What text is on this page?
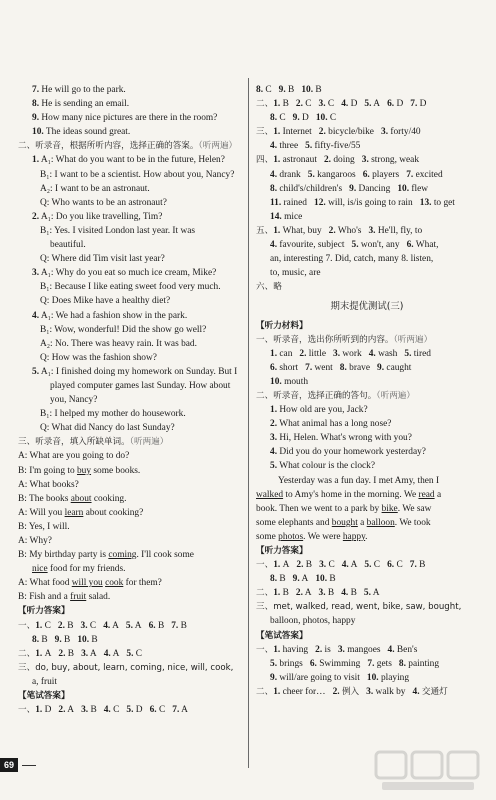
7. He will go to the park.
8. He is sending an email.
9. How many nice pictures are there in the room?
10. The ideas sound great.
二、听录音，根据所听内容，选择正确的答案。（听两遍）
1. A₁: What do you want to be in the future, Helen?
B₁: I want to be a scientist. How about you, Nancy?
A₂: I want to be an astronaut.
Q: Who wants to be an astronaut?
2. A₁: Do you like travelling, Tim?
B₁: Yes. I visited London last year. It was
beautiful.
Q: Where did Tim visit last year?
3. A₁: Why do you eat so much ice cream, Mike?
B₁: Because I like eating sweet food very much.
Q: Does Mike have a healthy diet?
4. A₁: We had a fashion show in the park.
B₁: Wow, wonderful! Did the show go well?
A₂: No. There was heavy rain. It was bad.
Q: How was the fashion show?
5. A₁: I finished doing my homework on Sunday. But I
played computer games last Sunday. How about
you, Nancy?
B₁: I helped my mother do housework.
Q: What did Nancy do last Sunday?
三、听录音，填入所缺单词。（听两遍）
A: What are you going to do?
B: I'm going to buy some books.
A: What books?
B: The books about cooking.
A: Will you learn about cooking?
B: Yes, I will.
A: Why?
B: My birthday party is coming. I'll cook some
nice food for my friends.
A: What food will you cook for them?
B: Fish and a fruit salad.
【听力答案】
一、1. C  2. B  3. C  4. A  5. A  6. B  7. B
8. B  9. B  10. B
二、1. A  2. B  3. A  4. A  5. C
三、do, buy, about, learn, coming, nice, will, cook,
a, fruit
【笔试答案】
一、1. D  2. A  3. B  4. C  5. D  6. C  7. A
8. C  9. B  10. B
二、1. B  2. C  3. C  4. D  5. A  6. D  7. D
8. C  9. D  10. C
三、1. Internet  2. bicycle/bike  3. forty/40
4. three  5. fifty-five/55
四、1. astronaut  2. doing  3. strong, weak
4. drank  5. kangaroos  6. players  7. excited
8. child's/children's  9. Dancing  10. flew
11. rained  12. will, is/is going to rain  13. to get
14. mice
五、1. What, buy  2. Who's  3. He'll, fly, to
4. favourite, subject  5. won't, any  6. What,
an, interesting 7. Did, catch, many 8. listen,
to, music, are
六、略
期末提优测试(三)
【听力材料】
一、听录音，选出你所听到的内容。（听两遍）
1. can  2. little  3. work  4. wash  5. tired
6. short  7. went  8. brave  9. caught
10. mouth
二、听录音，选择正确的答句。（听两遍）
1. How old are you, Jack?
2. What animal has a long nose?
3. Hi, Helen. What's wrong with you?
4. Did you do your homework yesterday?
5. What colour is the clock?
Yesterday was a fun day. I met Amy, then I
walked to Amy's home in the morning. We read a
book. Then we went to a park by bike. We saw
some elephants and bought a balloon. We took
some photos. We were happy.
【听力答案】
一、1. A  2. B  3. C  4. A  5. C  6. C  7. B
8. B  9. A  10. B
二、1. B  2. A  3. B  4. B  5. A
三、met, walked, read, went, bike, saw, bought,
balloon, photos, happy
【笔试答案】
一、1. having  2. is  3. mangoes  4. Ben's
5. brings  6. Swimming  7. gets  8. painting
9. will/are going to visit  10. playing
二、1. cheer for…  2. 例入  3. walk by  4. 交通灯
69
